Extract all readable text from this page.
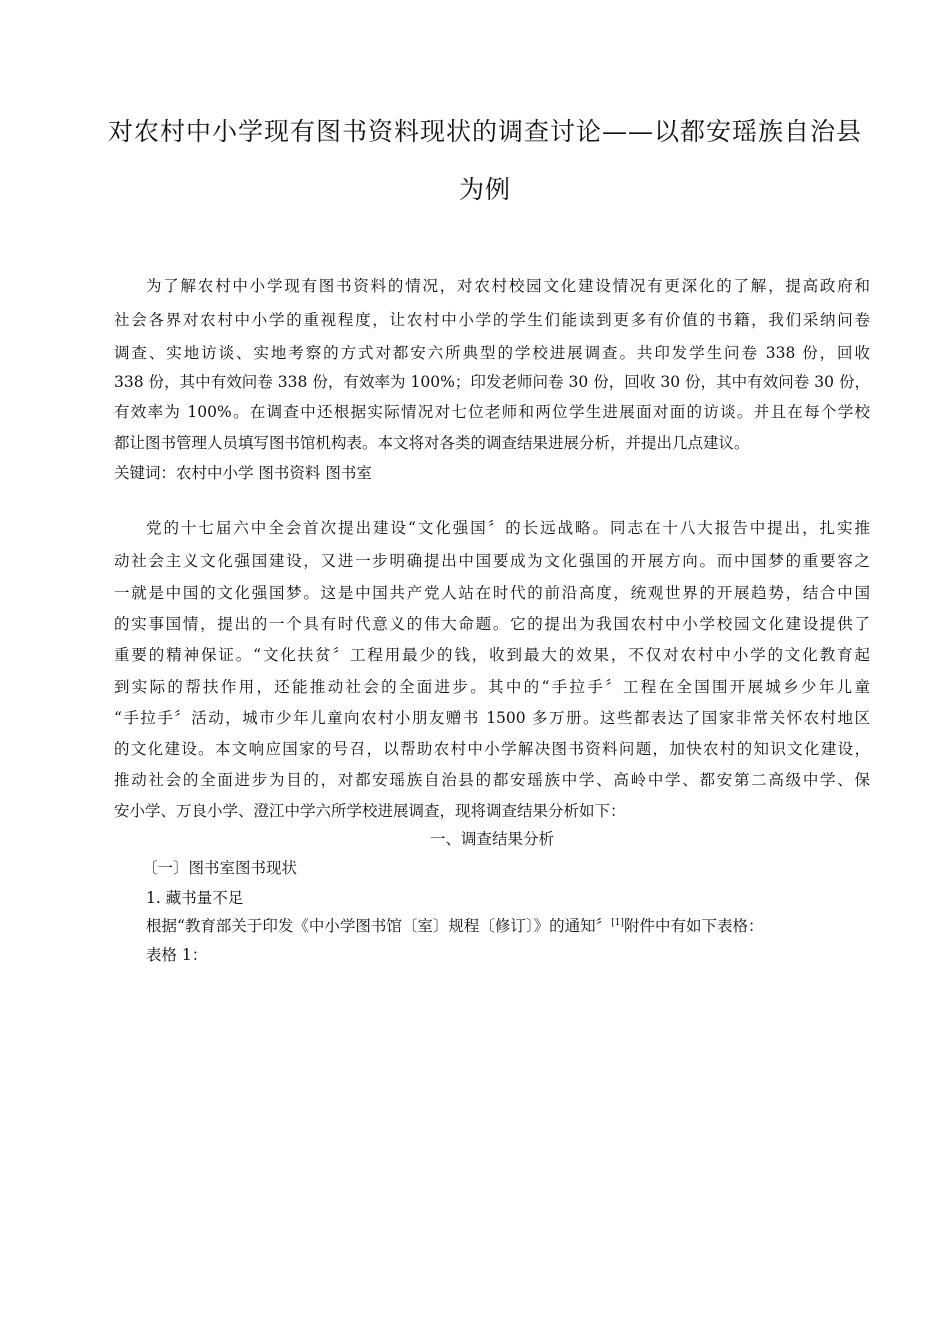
对农村中小学现有图书资料现状的调查讨论——以都安瑶族自治县
为例
为了解农村中小学现有图书资料的情况，对农村校园文化建设情况有更深化的了解，提高政府和
社会各界对农村中小学的重视程度，让农村中小学的学生们能读到更多有价值的书籍，我们采纳问卷
调查、实地访谈、实地考察的方式对都安六所典型的学校进展调查。共印发学生问卷 338 份，回收
338 份，其中有效问卷 338 份，有效率为 100%；印发老师问卷 30 份，回收 30 份，其中有效问卷 30 份，
有效率为 100%。在调查中还根据实际情况对七位老师和两位学生进展面对面的访谈。并且在每个学校
都让图书管理人员填写图书馆机构表。本文将对各类的调查结果进展分析，并提出几点建议。
关键词：农村中小学 图书资料 图书室
党的十七届六中全会首次提出建设“文化强国〞的长远战略。同志在十八大报告中提出，扎实推
动社会主义文化强国建设，又进一步明确提出中国要成为文化强国的开展方向。而中国梦的重要容之
一就是中国的文化强国梦。这是中国共产党人站在时代的前沿高度，统观世界的开展趋势，结合中国
的实事国情，提出的一个具有时代意义的伟大命题。它的提出为我国农村中小学校园文化建设提供了
重要的精神保证。“文化扶贫〞工程用最少的钱，收到最大的效果，不仅对农村中小学的文化教育起
到实际的帮扶作用，还能推动社会的全面进步。其中的“手拉手〞工程在全国围开展城乡少年儿童
“手拉手〞活动，城市少年儿童向农村小朋友赠书 1500 多万册。这些都表达了国家非常关怀农村地区
的文化建设。本文响应国家的号召，以帮助农村中小学解决图书资料问题，加快农村的知识文化建设，
推动社会的全面进步为目的，对都安瑶族自治县的都安瑶族中学、高岭中学、都安第二高级中学、保
安小学、万良小学、澄江中学六所学校进展调查，现将调查结果分析如下：
一、调查结果分析
〔一〕图书室图书现状
1. 藏书量不足
根据“教育部关于印发《中小学图书馆〔室〕规程〔修订〕》的通知〞[1]附件中有如下表格：
表格 1：
